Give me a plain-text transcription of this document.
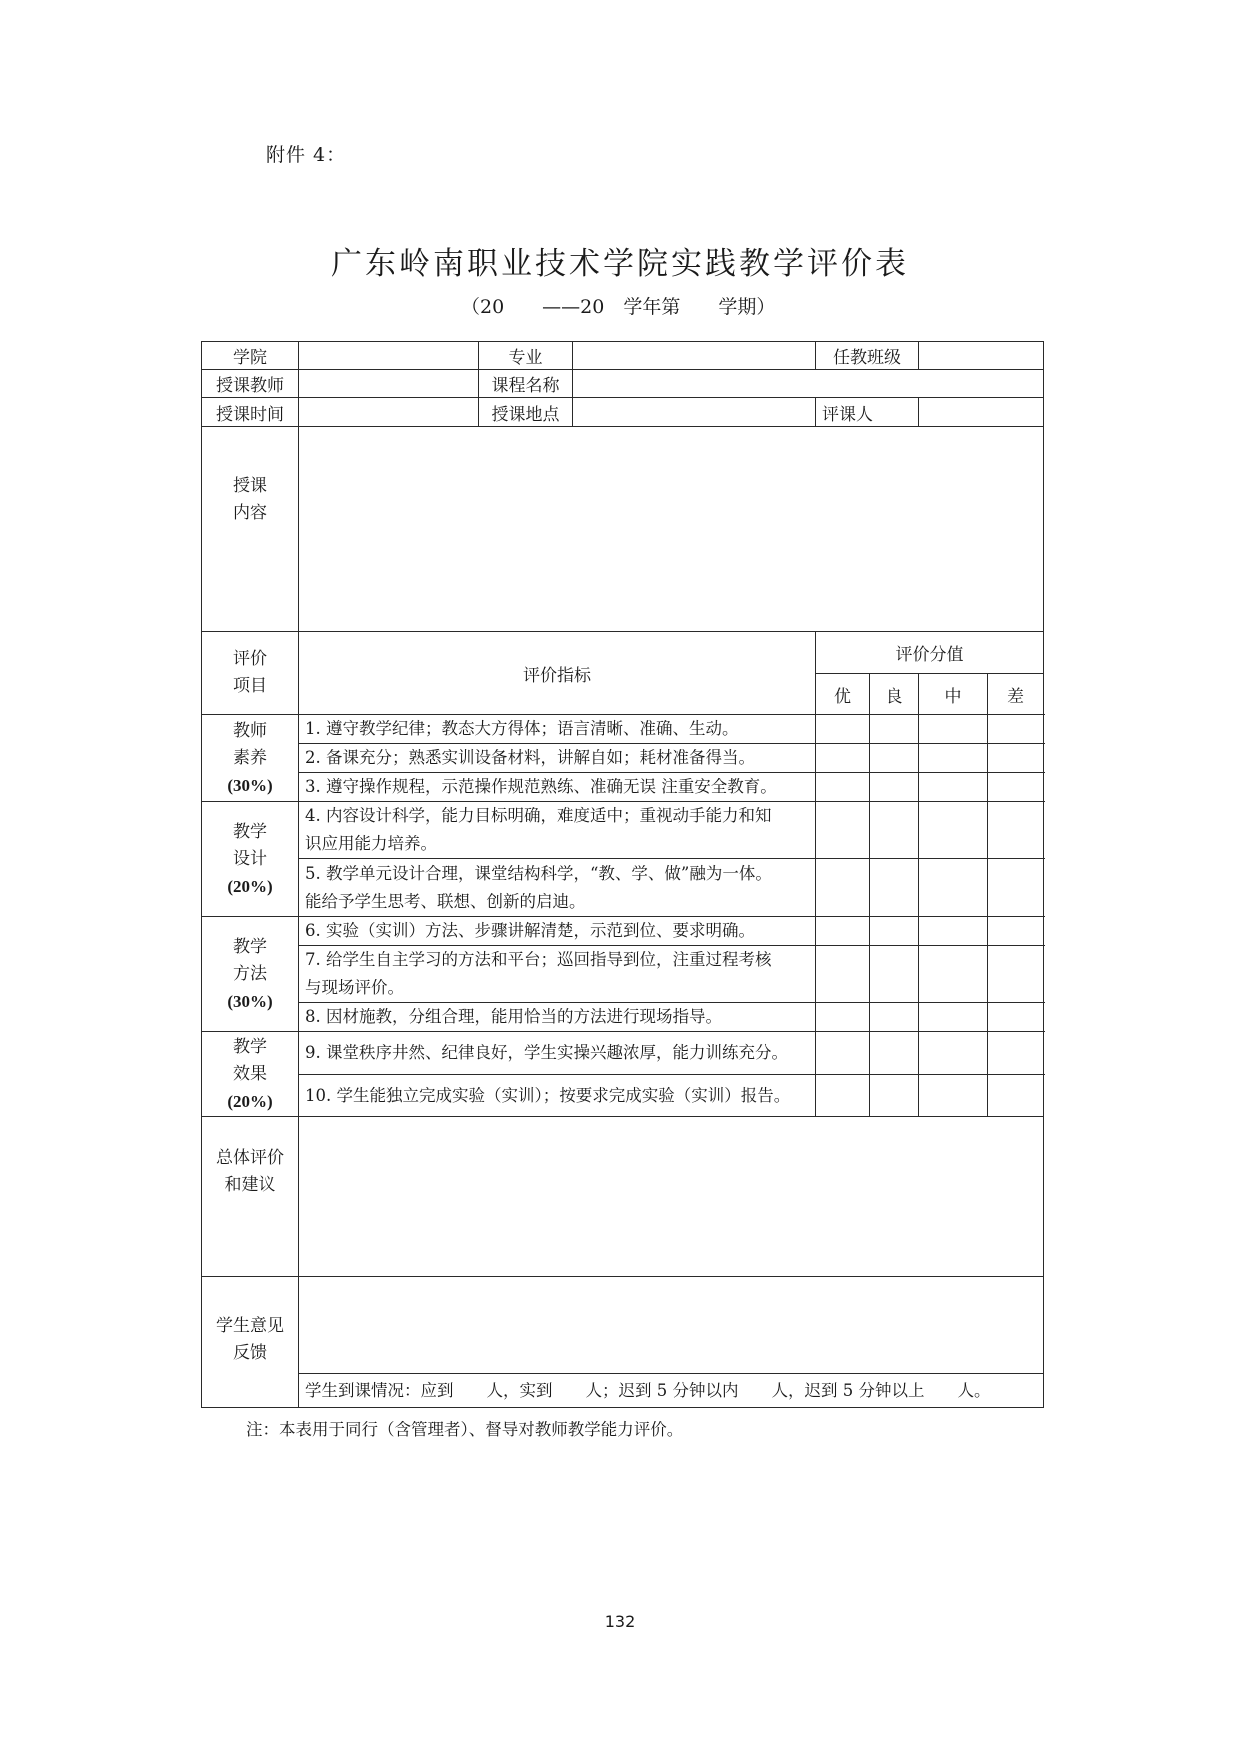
附件 4：
广东岭南职业技术学院实践教学评价表
（20　　——20　学年第　　学期）
学院		专业		任教班级			
授课教师		课程名称					
授课时间		授课地点		评课人			

授课
内容							

评价
项目	评价指标			评价分值			
				优	良	中	差

教师
素养
(30%)	1. 遵守教学纪律；教态大方得体；语言清晰、准确、生动。						
	2. 备课充分；熟悉实训设备材料，讲解自如；耗材准备得当。						
	3. 遵守操作规程，示范操作规范熟练、准确无误 注重安全教育。						

教学
设计
(20%)	4. 内容设计科学，能力目标明确，难度适中；重视动手能力和知
识应用能力培养。						

	5. 教学单元设计合理，课堂结构科学，“教、学、做”融为一体。
能给予学生思考、联想、创新的启迪。						

教学
方法
(30%)	6. 实验（实训）方法、步骤讲解清楚，示范到位、要求明确。						

	7. 给学生自主学习的方法和平台；巡回指导到位，注重过程考核
与现场评价。						

	8. 因材施教，分组合理，能用恰当的方法进行现场指导。						

教学
效果
(20%)	9. 课堂秩序井然、纪律良好，学生实操兴趣浓厚，能力训练充分。						
	10. 学生能独立完成实验（实训）；按要求完成实验（实训）报告。						

总体评价
和建议							

学生意见
反馈							

	学生到课情况：应到　　人，实到　　人；迟到 5 分钟以内　　人，迟到 5 分钟以上　　人。						
注：本表用于同行（含管理者）、督导对教师教学能力评价。
132
